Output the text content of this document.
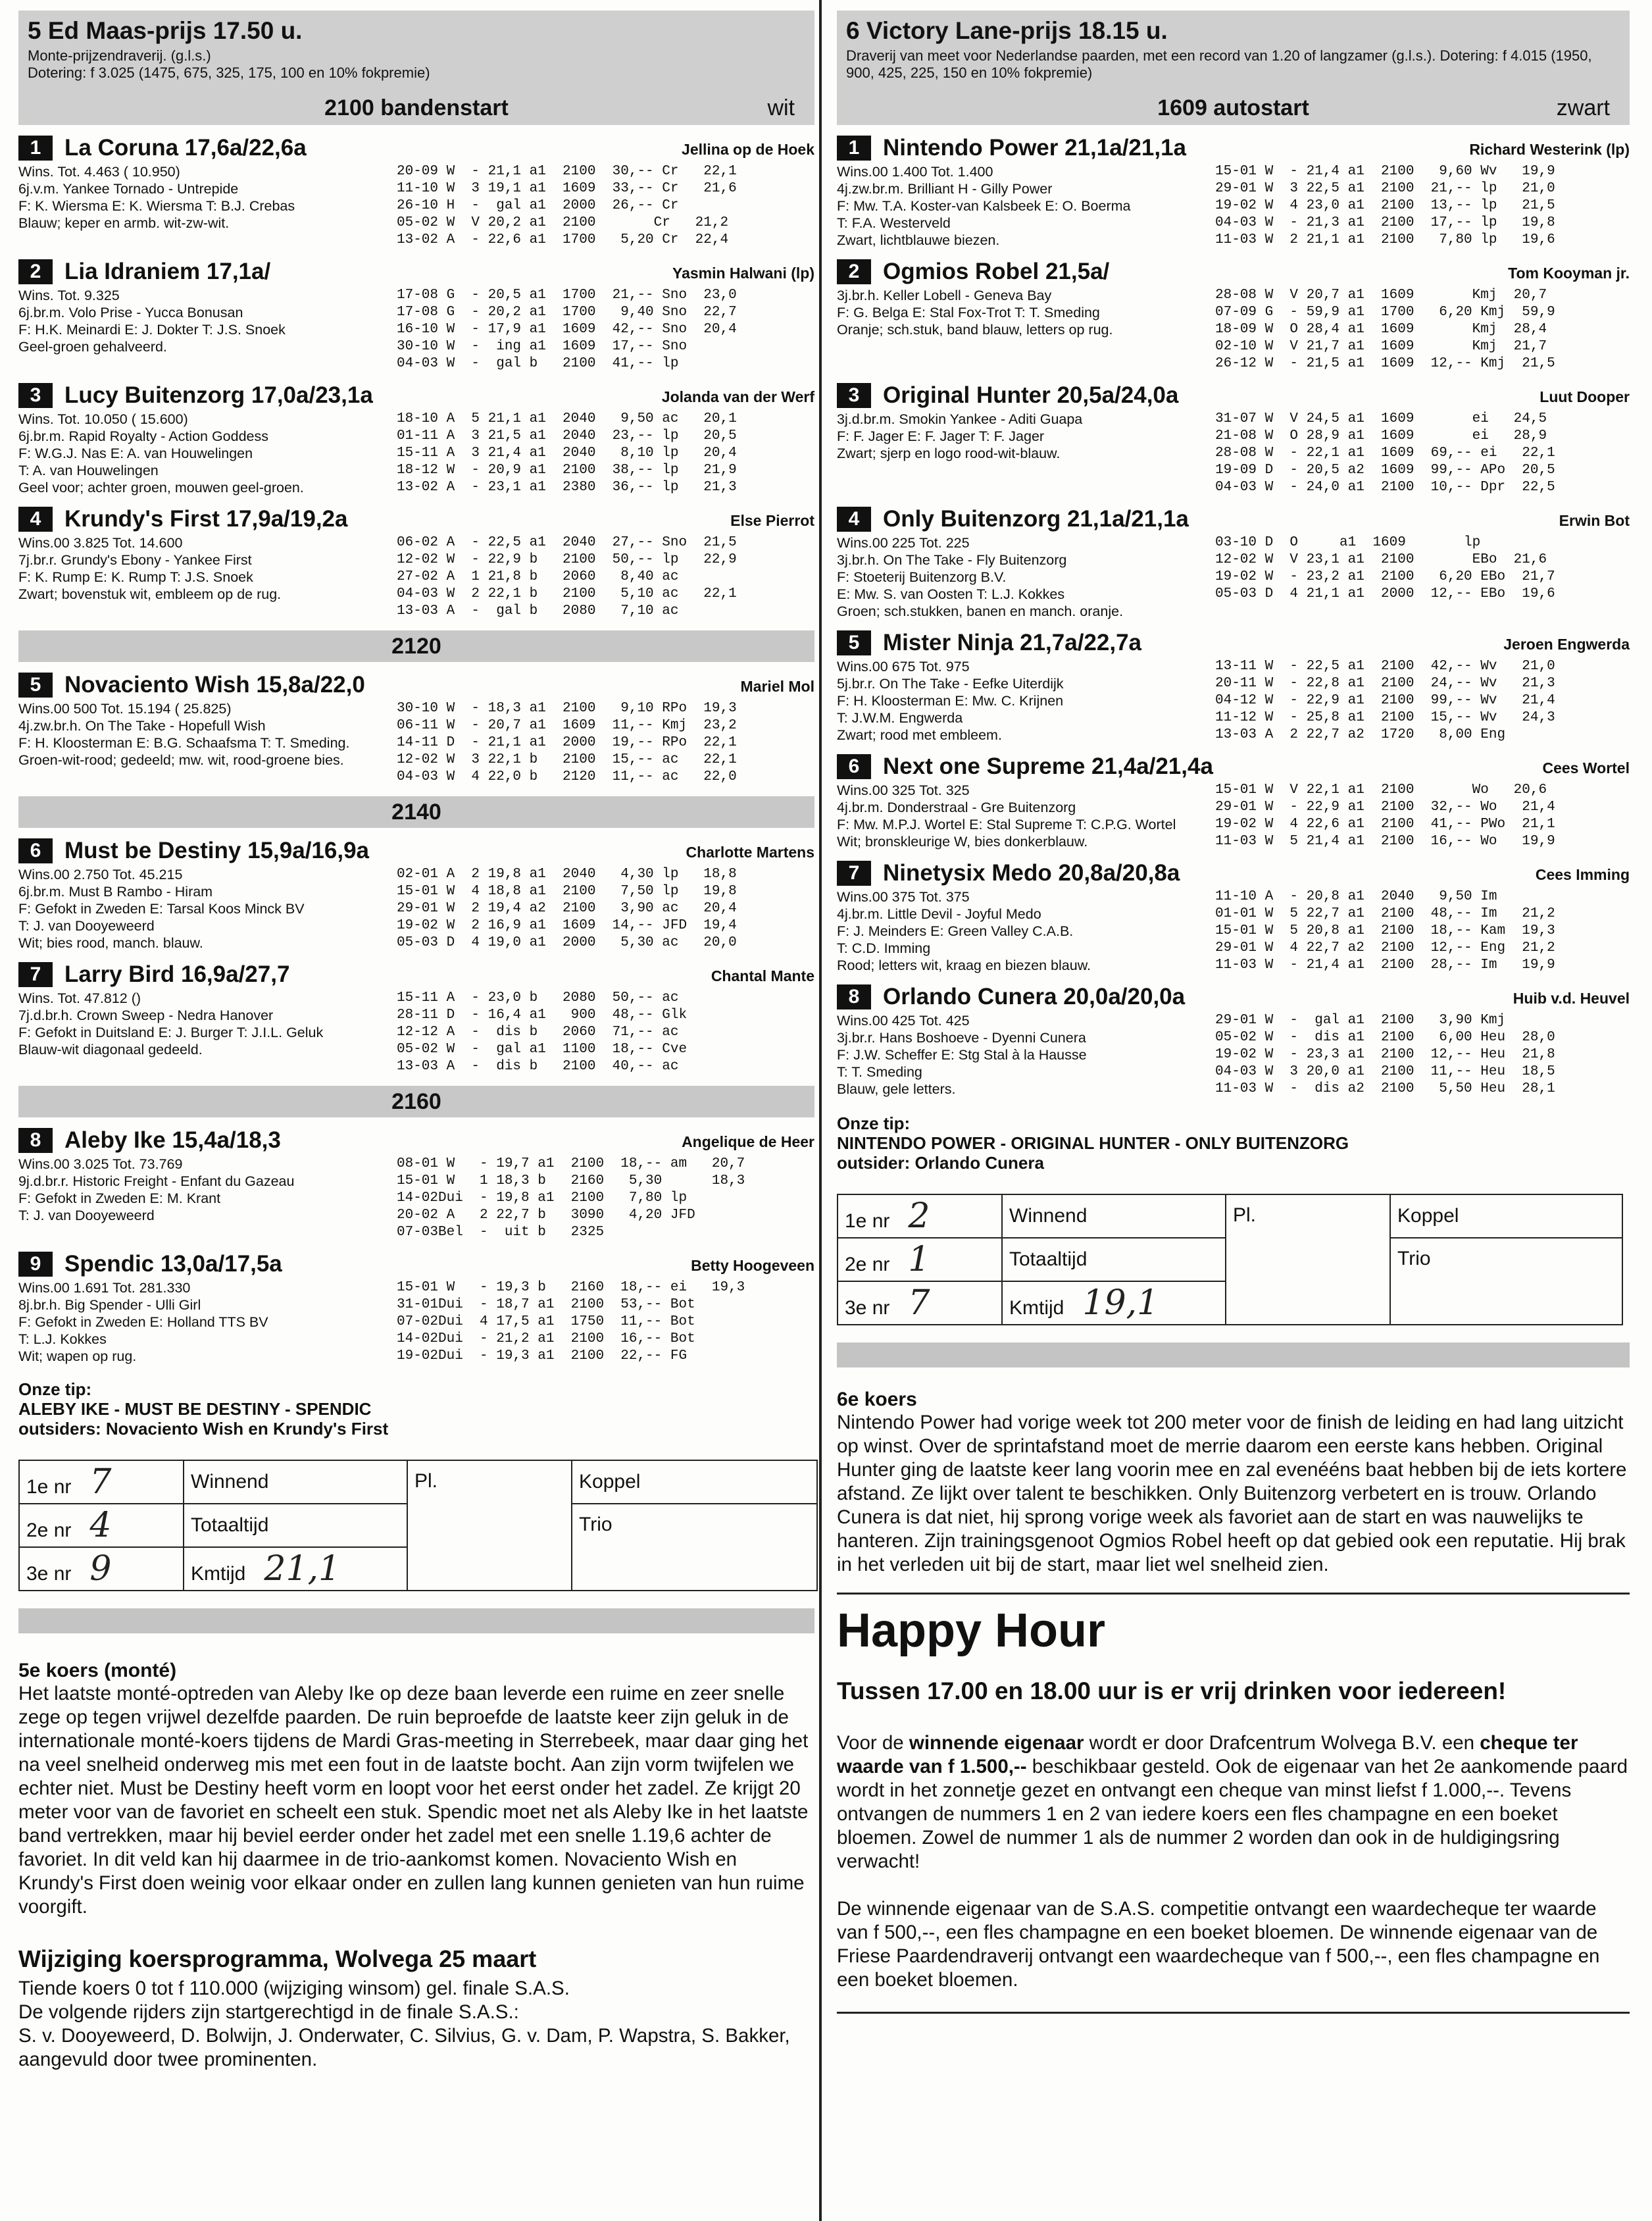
5 Ed Maas-prijs 17.50 u.
Monte-prijzendraverij. (g.l.s.)
Dotering: f 3.025 (1475, 675, 325, 175, 100 en 10% fokpremie)
2100 bandenstart	wit
1	La Coruna 17,6a/22,6a	Jellina op de Hoek
Wins. Tot. 4.463 ( 10.950)
6j.v.m. Yankee Tornado - Untrepide
F: K. Wiersma E: K. Wiersma T: B.J. Crebas
Blauw; keper en armb. wit-zw-wit.
20-09 W  - 21,1 a1  2100  30,-- Cr   22,1
11-10 W  3 19,1 a1  1609  33,-- Cr   21,6
26-10 H  -  gal a1  2000  26,-- Cr
05-02 W  V 20,2 a1  2100       Cr   21,2
13-02 A  - 22,6 a1  1700   5,20 Cr  22,4
2	Lia Idraniem 17,1a/	Yasmin Halwani (lp)
Wins. Tot. 9.325
6j.br.m. Volo Prise - Yucca Bonusan
F: H.K. Meinardi E: J. Dokter T: J.S. Snoek
Geel-groen gehalveerd.
17-08 G  - 20,5 a1  1700  21,-- Sno  23,0
17-08 G  - 20,2 a1  1700   9,40 Sno  22,7
16-10 W  - 17,9 a1  1609  42,-- Sno  20,4
30-10 W  -  ing a1  1609  17,-- Sno
04-03 W  -  gal b   2100  41,-- lp
3	Lucy Buitenzorg 17,0a/23,1a	Jolanda van der Werf
Wins. Tot. 10.050 ( 15.600)
6j.br.m. Rapid Royalty - Action Goddess
F: W.G.J. Nas E: A. van Houwelingen
T: A. van Houwelingen
Geel voor; achter groen, mouwen geel-groen.
18-10 A  5 21,1 a1  2040   9,50 ac   20,1
01-11 A  3 21,5 a1  2040  23,-- lp   20,5
15-11 A  3 21,4 a1  2040   8,10 lp   20,4
18-12 W  - 20,9 a1  2100  38,-- lp   21,9
13-02 A  - 23,1 a1  2380  36,-- lp   21,3
4	Krundy's First 17,9a/19,2a	Else Pierrot
Wins.00 3.825 Tot. 14.600
7j.br.r. Grundy's Ebony - Yankee First
F: K. Rump E: K. Rump T: J.S. Snoek
Zwart; bovenstuk wit, embleem op de rug.
06-02 A  - 22,5 a1  2040  27,-- Sno  21,5
12-02 W  - 22,9 b   2100  50,-- lp   22,9
27-02 A  1 21,8 b   2060   8,40 ac
04-03 W  2 22,1 b   2100   5,10 ac   22,1
13-03 A  -  gal b   2080   7,10 ac
2120
5	Novaciento Wish 15,8a/22,0	Mariel Mol
Wins.00 500 Tot. 15.194 ( 25.825)
4j.zw.br.h. On The Take - Hopefull Wish
F: H. Kloosterman E: B.G. Schaafsma T: T. Smeding.
Groen-wit-rood; gedeeld; mw. wit, rood-groene bies.
30-10 W  - 18,3 a1  2100   9,10 RPo  19,3
06-11 W  - 20,7 a1  1609  11,-- Kmj  23,2
14-11 D  - 21,1 a1  2000  19,-- RPo  22,1
12-02 W  3 22,1 b   2100  15,-- ac   22,1
04-03 W  4 22,0 b   2120  11,-- ac   22,0
2140
6	Must be Destiny 15,9a/16,9a	Charlotte Martens
Wins.00 2.750 Tot. 45.215
6j.br.m. Must B Rambo - Hiram
F: Gefokt in Zweden E: Tarsal Koos Minck BV
T: J. van Dooyeweerd
Wit; bies rood, manch. blauw.
02-01 A  2 19,8 a1  2040   4,30 lp   18,8
15-01 W  4 18,8 a1  2100   7,50 lp   19,8
29-01 W  2 19,4 a2  2100   3,90 ac   20,4
19-02 W  2 16,9 a1  1609  14,-- JFD  19,4
05-03 D  4 19,0 a1  2000   5,30 ac   20,0
7	Larry Bird 16,9a/27,7	Chantal Mante
Wins. Tot. 47.812 ()
7j.d.br.h. Crown Sweep - Nedra Hanover
F: Gefokt in Duitsland E: J. Burger T: J.I.L. Geluk
Blauw-wit diagonaal gedeeld.
15-11 A  - 23,0 b   2080  50,-- ac
28-11 D  - 16,4 a1   900  48,-- Glk
12-12 A  -  dis b   2060  71,-- ac
05-02 W  -  gal a1  1100  18,-- Cve
13-03 A  -  dis b   2100  40,-- ac
2160
8	Aleby Ike 15,4a/18,3	Angelique de Heer
Wins.00 3.025 Tot. 73.769
9j.d.br.r. Historic Freight - Enfant du Gazeau
F: Gefokt in Zweden E: M. Krant
T: J. van Dooyeweerd
08-01 W   - 19,7 a1  2100  18,-- am   20,7
15-01 W   1 18,3 b   2160   5,30      18,3
14-02Dui  - 19,8 a1  2100   7,80 lp
20-02 A   2 22,7 b   3090   4,20 JFD
07-03Bel  -  uit b   2325
9	Spendic 13,0a/17,5a	Betty Hoogeveen
Wins.00 1.691 Tot. 281.330
8j.br.h. Big Spender - Ulli Girl
F: Gefokt in Zweden E: Holland TTS BV
T: L.J. Kokkes
Wit; wapen op rug.
15-01 W   - 19,3 b   2160  18,-- ei   19,3
31-01Dui  - 18,7 a1  2100  53,-- Bot
07-02Dui  4 17,5 a1  1750  11,-- Bot
14-02Dui  - 21,2 a1  2100  16,-- Bot
19-02Dui  - 19,3 a1  2100  22,-- FG
Onze tip:
ALEBY IKE - MUST BE DESTINY - SPENDIC
outsiders: Novaciento Wish en Krundy's First
1e nr 7	Winnend	Pl.	Koppel
2e nr 4	Totaaltijd		Trio
3e nr 9	Kmtijd 21,1		
5e koers (monté)
Het laatste monté-optreden van Aleby Ike op deze baan leverde een ruime en zeer snelle zege op tegen vrijwel dezelfde paarden. De ruin beproefde de laatste keer zijn geluk in de internationale monté-koers tijdens de Mardi Gras-meeting in Sterrebeek, maar daar ging het na veel snelheid onderweg mis met een fout in de laatste bocht. Aan zijn vorm twijfelen we echter niet. Must be Destiny heeft vorm en loopt voor het eerst onder het zadel. Ze krijgt 20 meter voor van de favoriet en scheelt een stuk. Spendic moet net als Aleby Ike in het laatste band vertrekken, maar hij beviel eerder onder het zadel met een snelle 1.19,6 achter de favoriet. In dit veld kan hij daarmee in de trio-aankomst komen. Novaciento Wish en Krundy's First doen weinig voor elkaar onder en zullen lang kunnen genieten van hun ruime voorgift.
Wijziging koersprogramma, Wolvega 25 maart
Tiende koers 0 tot f 110.000 (wijziging winsom) gel. finale S.A.S.
De volgende rijders zijn startgerechtigd in de finale S.A.S.:
S. v. Dooyeweerd, D. Bolwijn, J. Onderwater, C. Silvius, G. v. Dam, P. Wapstra, S. Bakker, aangevuld door twee prominenten.
6 Victory Lane-prijs 18.15 u.
Draverij van meet voor Nederlandse paarden, met een record van 1.20 of langzamer (g.l.s.). Dotering: f 4.015 (1950, 900, 425, 225, 150 en 10% fokpremie)
1609 autostart	zwart
1	Nintendo Power 21,1a/21,1a	Richard Westerink (lp)
Wins.00 1.400 Tot. 1.400
4j.zw.br.m. Brilliant H - Gilly Power
F: Mw. T.A. Koster-van Kalsbeek E: O. Boerma
T: F.A. Westerveld
Zwart, lichtblauwe biezen.
15-01 W  - 21,4 a1  2100   9,60 Wv   19,9
29-01 W  3 22,5 a1  2100  21,-- lp   21,0
19-02 W  4 23,0 a1  2100  13,-- lp   21,5
04-03 W  - 21,3 a1  2100  17,-- lp   19,8
11-03 W  2 21,1 a1  2100   7,80 lp   19,6
2	Ogmios Robel 21,5a/	Tom Kooyman jr.
3j.br.h. Keller Lobell - Geneva Bay
F: G. Belga E: Stal Fox-Trot T: T. Smeding
Oranje; sch.stuk, band blauw, letters op rug.
28-08 W  V 20,7 a1  1609       Kmj  20,7
07-09 G  - 59,9 a1  1700   6,20 Kmj  59,9
18-09 W  O 28,4 a1  1609       Kmj  28,4
02-10 W  V 21,7 a1  1609       Kmj  21,7
26-12 W  - 21,5 a1  1609  12,-- Kmj  21,5
3	Original Hunter 20,5a/24,0a	Luut Dooper
3j.d.br.m. Smokin Yankee - Aditi Guapa
F: F. Jager E: F. Jager T: F. Jager
Zwart; sjerp en logo rood-wit-blauw.
31-07 W  V 24,5 a1  1609       ei   24,5
21-08 W  O 28,9 a1  1609       ei   28,9
28-08 W  - 22,1 a1  1609  69,-- ei   22,1
19-09 D  - 20,5 a2  1609  99,-- APo  20,5
04-03 W  - 24,0 a1  2100  10,-- Dpr  22,5
4	Only Buitenzorg 21,1a/21,1a	Erwin Bot
Wins.00 225 Tot. 225
3j.br.h. On The Take - Fly Buitenzorg
F: Stoeterij Buitenzorg B.V.
E: Mw. S. van Oosten T: L.J. Kokkes
Groen; sch.stukken, banen en manch. oranje.
03-10 D  O     a1  1609       lp
12-02 W  V 23,1 a1  2100       EBo  21,6
19-02 W  - 23,2 a1  2100   6,20 EBo  21,7
05-03 D  4 21,1 a1  2000  12,-- EBo  19,6
5	Mister Ninja 21,7a/22,7a	Jeroen Engwerda
Wins.00 675 Tot. 975
5j.br.r. On The Take - Eefke Uiterdijk
F: H. Kloosterman E: Mw. C. Krijnen
T: J.W.M. Engwerda
Zwart; rood met embleem.
13-11 W  - 22,5 a1  2100  42,-- Wv   21,0
20-11 W  - 22,8 a1  2100  24,-- Wv   21,3
04-12 W  - 22,9 a1  2100  99,-- Wv   21,4
11-12 W  - 25,8 a1  2100  15,-- Wv   24,3
13-03 A  2 22,7 a2  1720   8,00 Eng
6	Next one Supreme 21,4a/21,4a	Cees Wortel
Wins.00 325 Tot. 325
4j.br.m. Donderstraal - Gre Buitenzorg
F: Mw. M.P.J. Wortel E: Stal Supreme T: C.P.G. Wortel
Wit; bronskleurige W, bies donkerblauw.
15-01 W  V 22,1 a1  2100       Wo   20,6
29-01 W  - 22,9 a1  2100  32,-- Wo   21,4
19-02 W  4 22,6 a1  2100  41,-- PWo  21,1
11-03 W  5 21,4 a1  2100  16,-- Wo   19,9
7	Ninetysix Medo 20,8a/20,8a	Cees Imming
Wins.00 375 Tot. 375
4j.br.m. Little Devil - Joyful Medo
F: J. Meinders E: Green Valley C.A.B.
T: C.D. Imming
Rood; letters wit, kraag en biezen blauw.
11-10 A  - 20,8 a1  2040   9,50 Im
01-01 W  5 22,7 a1  2100  48,-- Im   21,2
15-01 W  5 20,8 a1  2100  18,-- Kam  19,3
29-01 W  4 22,7 a2  2100  12,-- Eng  21,2
11-03 W  - 21,4 a1  2100  28,-- Im   19,9
8	Orlando Cunera 20,0a/20,0a	Huib v.d. Heuvel
Wins.00 425 Tot. 425
3j.br.r. Hans Boshoeve - Dyenni Cunera
F: J.W. Scheffer E: Stg Stal à la Hausse
T: T. Smeding
Blauw, gele letters.
29-01 W  -  gal a1  2100   3,90 Kmj
05-02 W  -  dis a1  2100   6,00 Heu  28,0
19-02 W  - 23,3 a1  2100  12,-- Heu  21,8
04-03 W  3 20,0 a1  2100  11,-- Heu  18,5
11-03 W  -  dis a2  2100   5,50 Heu  28,1
Onze tip:
NINTENDO POWER - ORIGINAL HUNTER - ONLY BUITENZORG
outsider: Orlando Cunera
1e nr 2	Winnend	Pl.	Koppel
2e nr 1	Totaaltijd		Trio
3e nr 7	Kmtijd 19,1		
6e koers
Nintendo Power had vorige week tot 200 meter voor de finish de leiding en had lang uitzicht op winst. Over de sprintafstand moet de merrie daarom een eerste kans hebben. Original Hunter ging de laatste keer lang voorin mee en zal evenééns baat hebben bij de iets kortere afstand. Ze lijkt over talent te beschikken. Only Buitenzorg verbetert en is trouw. Orlando Cunera is dat niet, hij sprong vorige week als favoriet aan de start en was nauwelijks te hanteren. Zijn trainingsgenoot Ogmios Robel heeft op dat gebied ook een reputatie. Hij brak in het verleden uit bij de start, maar liet wel snelheid zien.
Happy Hour
Tussen 17.00 en 18.00 uur is er vrij drinken voor iedereen!
Voor de winnende eigenaar wordt er door Drafcentrum Wolvega B.V. een cheque ter waarde van f 1.500,-- beschikbaar gesteld. Ook de eigenaar van het 2e aankomende paard wordt in het zonnetje gezet en ontvangt een cheque van minst liefst f 1.000,--. Tevens ontvangen de nummers 1 en 2 van iedere koers een fles champagne en een boeket bloemen. Zowel de nummer 1 als de nummer 2 worden dan ook in de huldigingsring verwacht!
De winnende eigenaar van de S.A.S. competitie ontvangt een waardecheque ter waarde van f 500,--, een fles champagne en een boeket bloemen. De winnende eigenaar van de Friese Paardendraverij ontvangt een waardecheque van f 500,--, een fles champagne en een boeket bloemen.
